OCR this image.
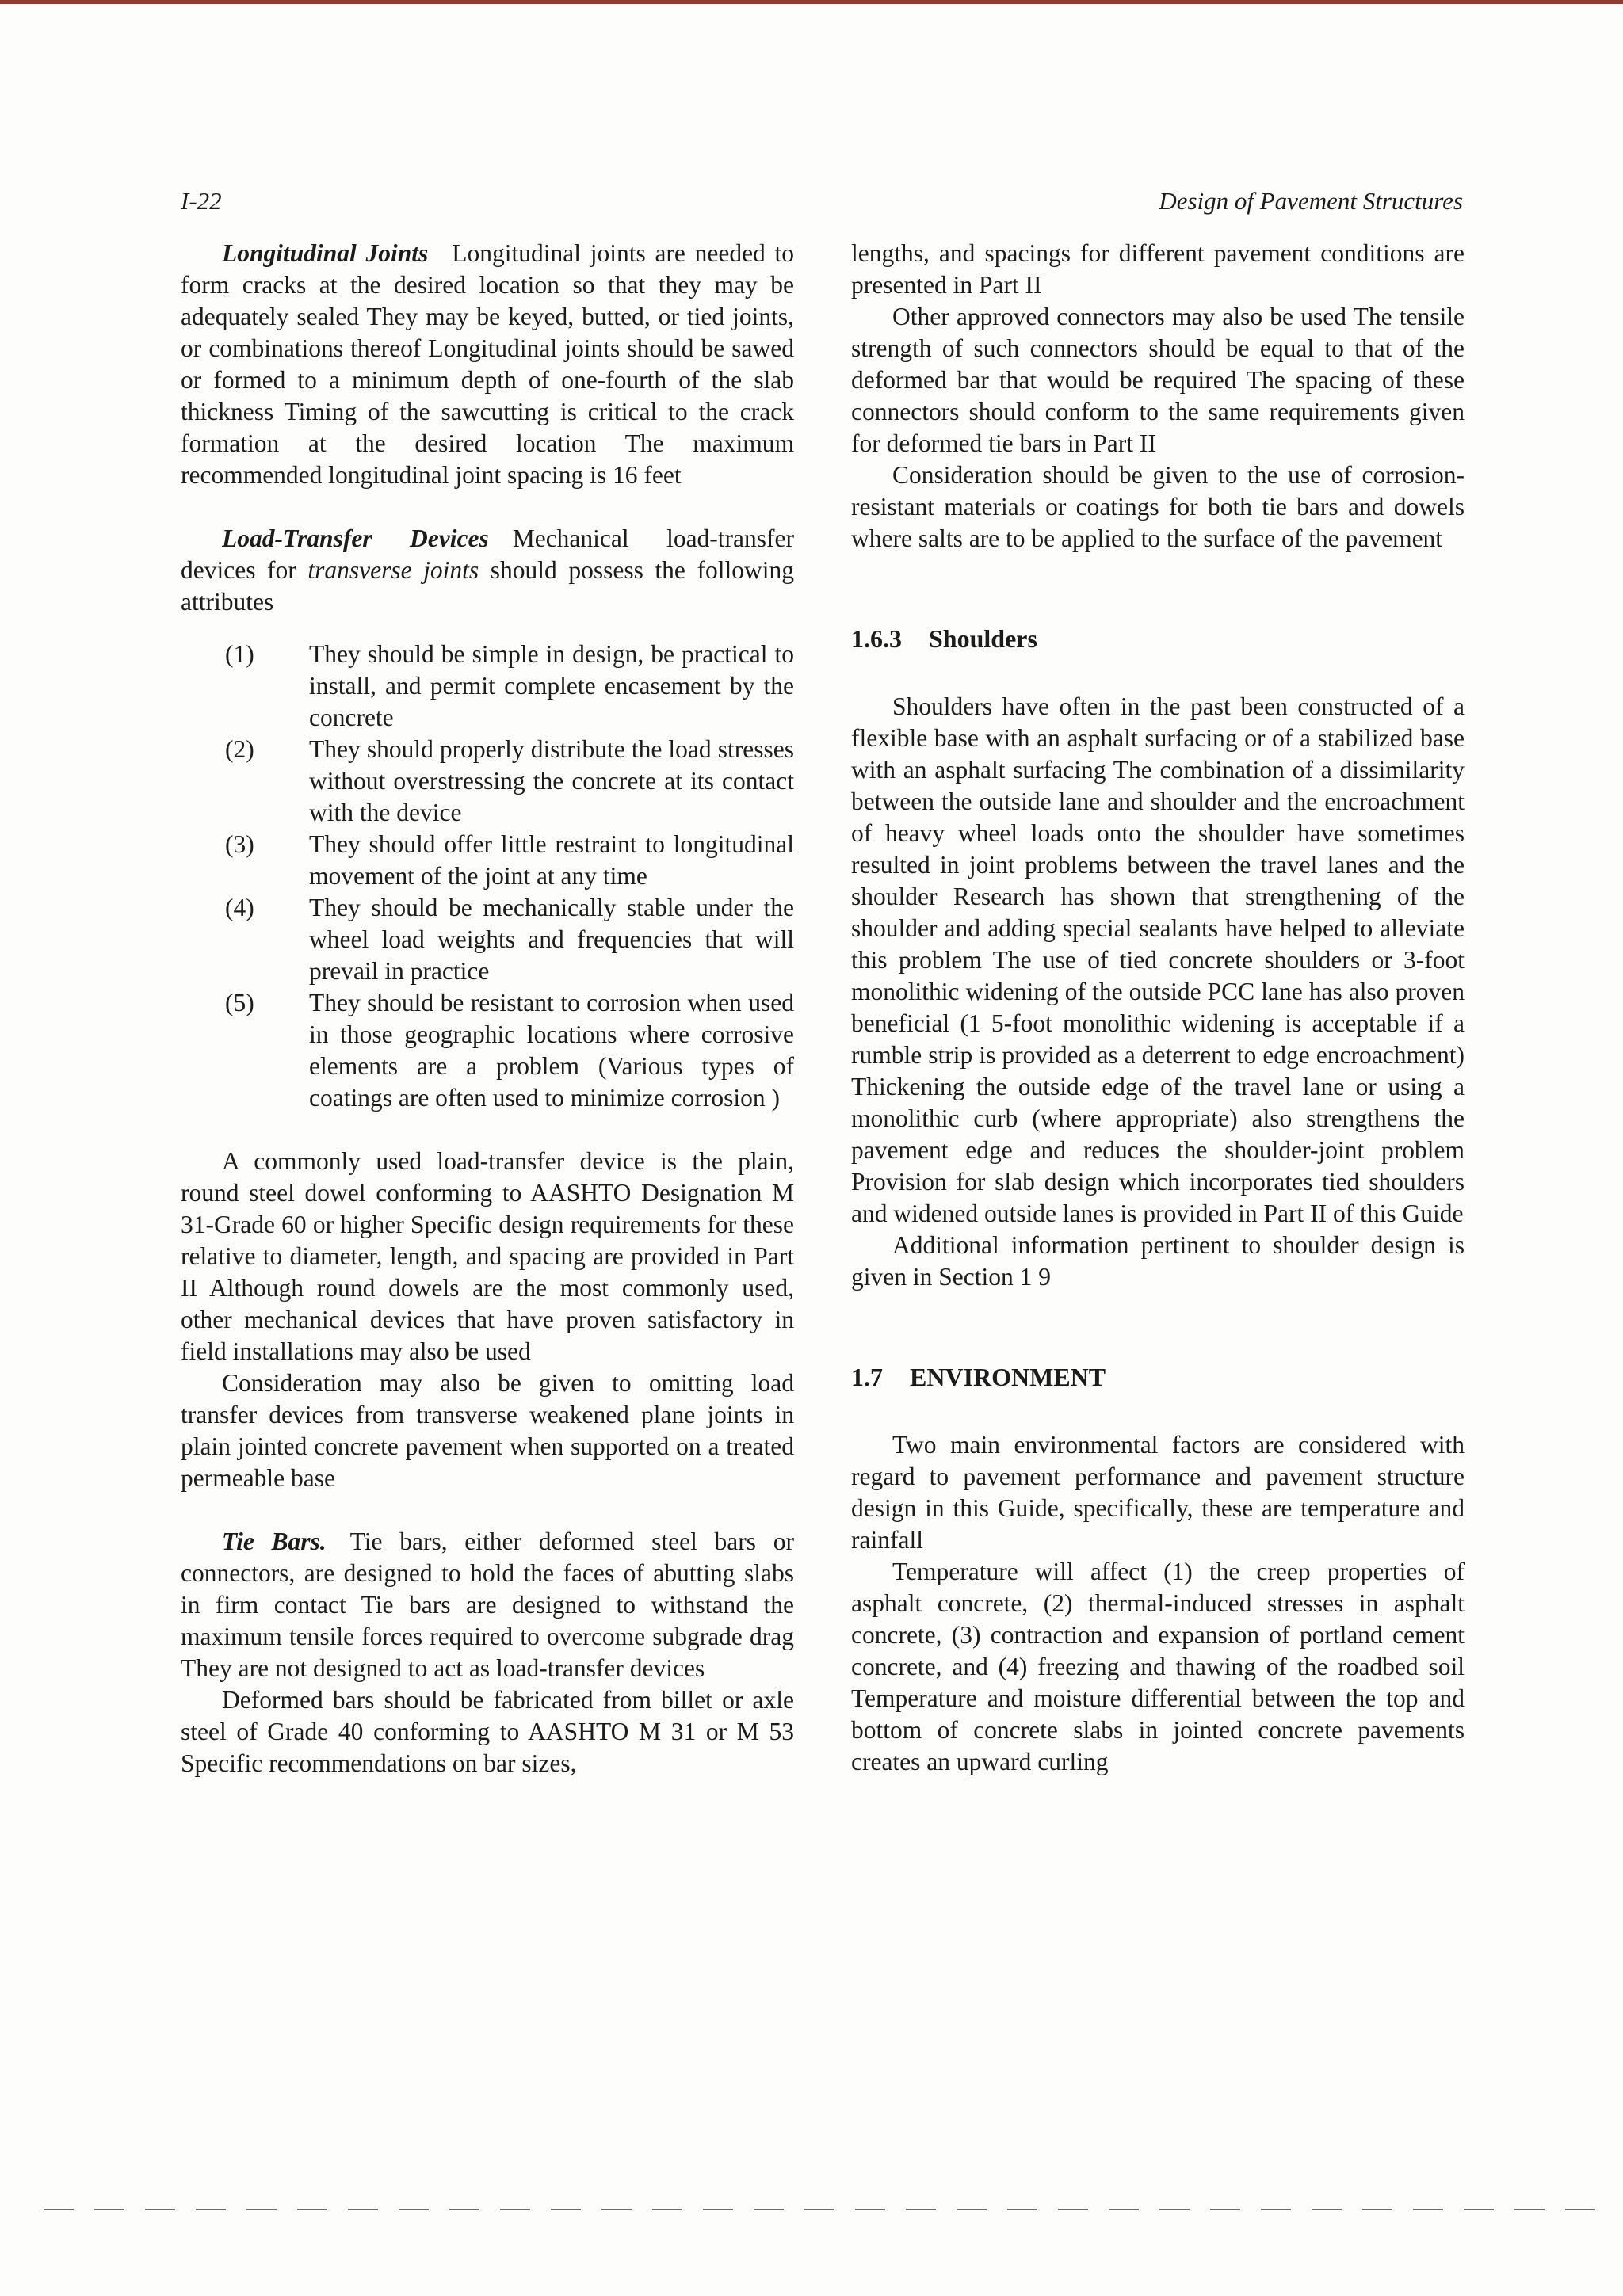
I-22	Design of Pavement Structures

Longitudinal Joints Longitudinal joints are needed to form cracks at the desired location so that they may be adequately sealed They may be keyed, butted, or tied joints, or combinations thereof Longitudinal joints should be sawed or formed to a minimum depth of one-fourth of the slab thickness Timing of the sawcutting is critical to the crack formation at the desired location The maximum recommended longitudinal joint spacing is 16 feet

Load-Transfer Devices Mechanical load-transfer devices for transverse joints should possess the following attributes

(1) They should be simple in design, be practical to install, and permit complete encasement by the concrete
(2) They should properly distribute the load stresses without overstressing the concrete at its contact with the device
(3) They should offer little restraint to longitudinal movement of the joint at any time
(4) They should be mechanically stable under the wheel load weights and frequencies that will prevail in practice
(5) They should be resistant to corrosion when used in those geographic locations where corrosive elements are a problem (Various types of coatings are often used to minimize corrosion )

A commonly used load-transfer device is the plain, round steel dowel conforming to AASHTO Designation M 31-Grade 60 or higher Specific design requirements for these relative to diameter, length, and spacing are provided in Part II Although round dowels are the most commonly used, other mechanical devices that have proven satisfactory in field installations may also be used

Consideration may also be given to omitting load transfer devices from transverse weakened plane joints in plain jointed concrete pavement when supported on a treated permeable base

Tie Bars. Tie bars, either deformed steel bars or connectors, are designed to hold the faces of abutting slabs in firm contact Tie bars are designed to withstand the maximum tensile forces required to overcome subgrade drag They are not designed to act as load-transfer devices

Deformed bars should be fabricated from billet or axle steel of Grade 40 conforming to AASHTO M 31 or M 53 Specific recommendations on bar sizes,

lengths, and spacings for different pavement conditions are presented in Part II

Other approved connectors may also be used The tensile strength of such connectors should be equal to that of the deformed bar that would be required The spacing of these connectors should conform to the same requirements given for deformed tie bars in Part II

Consideration should be given to the use of corrosion-resistant materials or coatings for both tie bars and dowels where salts are to be applied to the surface of the pavement

1.6.3 Shoulders

Shoulders have often in the past been constructed of a flexible base with an asphalt surfacing or of a stabilized base with an asphalt surfacing The combination of a dissimilarity between the outside lane and shoulder and the encroachment of heavy wheel loads onto the shoulder have sometimes resulted in joint problems between the travel lanes and the shoulder Research has shown that strengthening of the shoulder and adding special sealants have helped to alleviate this problem The use of tied concrete shoulders or 3-foot monolithic widening of the outside PCC lane has also proven beneficial (1 5-foot monolithic widening is acceptable if a rumble strip is provided as a deterrent to edge encroachment) Thickening the outside edge of the travel lane or using a monolithic curb (where appropriate) also strengthens the pavement edge and reduces the shoulder-joint problem Provision for slab design which incorporates tied shoulders and widened outside lanes is provided in Part II of this Guide

Additional information pertinent to shoulder design is given in Section 1 9

1.7 ENVIRONMENT

Two main environmental factors are considered with regard to pavement performance and pavement structure design in this Guide, specifically, these are temperature and rainfall

Temperature will affect (1) the creep properties of asphalt concrete, (2) thermal-induced stresses in asphalt concrete, (3) contraction and expansion of portland cement concrete, and (4) freezing and thawing of the roadbed soil Temperature and moisture differential between the top and bottom of concrete slabs in jointed concrete pavements creates an upward curling
